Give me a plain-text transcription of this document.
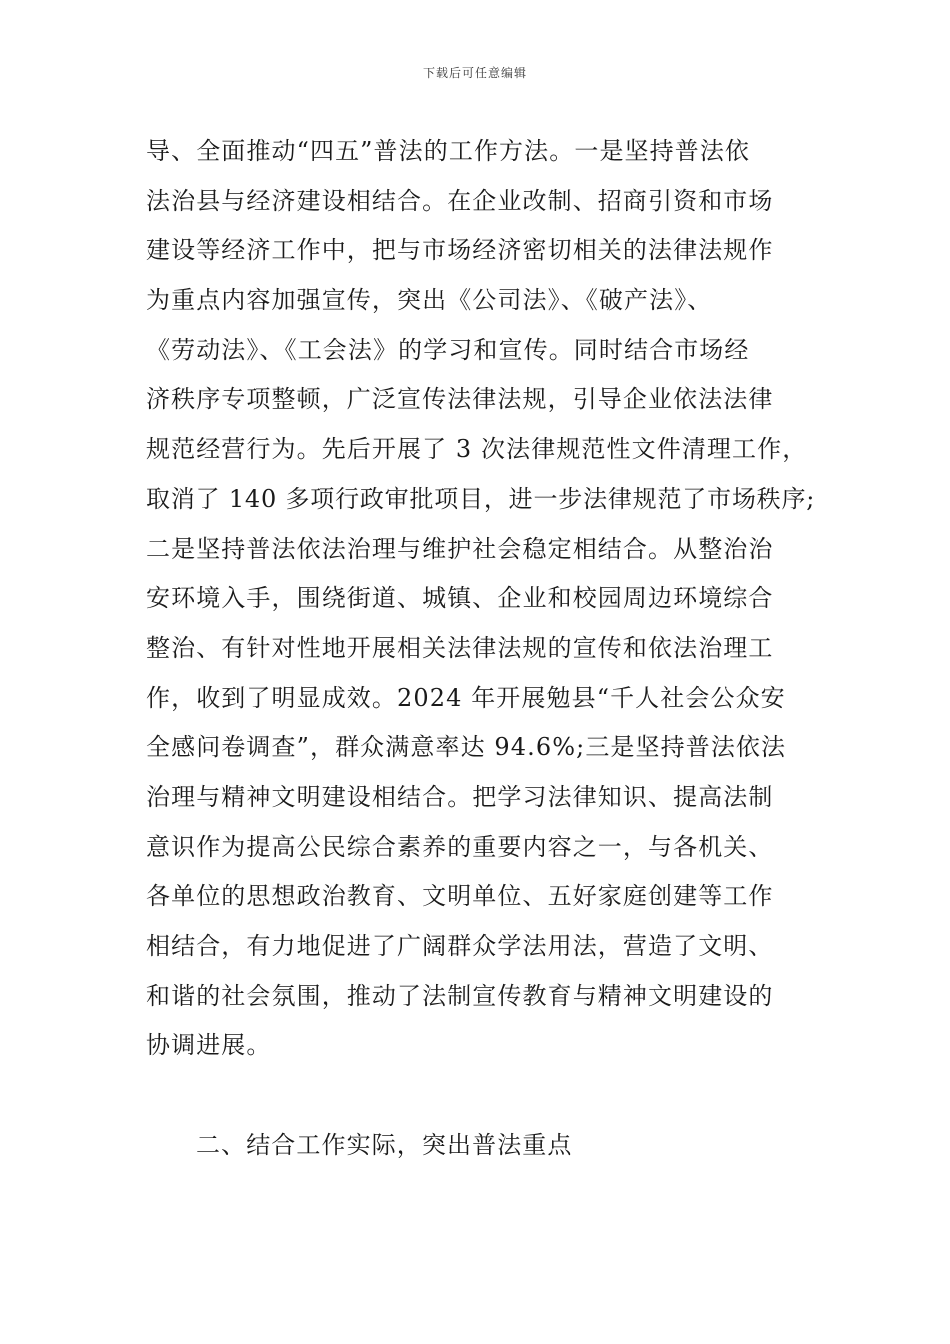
下载后可任意编辑
导、全面推动“四五”普法的工作方法。一是坚持普法依
法治县与经济建设相结合。在企业改制、招商引资和市场
建设等经济工作中，把与市场经济密切相关的法律法规作
为重点内容加强宣传，突出《公司法》、《破产法》、
《劳动法》、《工会法》的学习和宣传。同时结合市场经
济秩序专项整顿，广泛宣传法律法规，引导企业依法法律
规范经营行为。先后开展了 3 次法律规范性文件清理工作，
取消了 140 多项行政审批项目，进一步法律规范了市场秩序;
二是坚持普法依法治理与维护社会稳定相结合。从整治治
安环境入手，围绕街道、城镇、企业和校园周边环境综合
整治、有针对性地开展相关法律法规的宣传和依法治理工
作，收到了明显成效。2024 年开展勉县“千人社会公众安
全感问卷调查”，群众满意率达 94.6%;三是坚持普法依法
治理与精神文明建设相结合。把学习法律知识、提高法制
意识作为提高公民综合素养的重要内容之一，与各机关、
各单位的思想政治教育、文明单位、五好家庭创建等工作
相结合，有力地促进了广阔群众学法用法，营造了文明、
和谐的社会氛围，推动了法制宣传教育与精神文明建设的
协调进展。
二、结合工作实际，突出普法重点
